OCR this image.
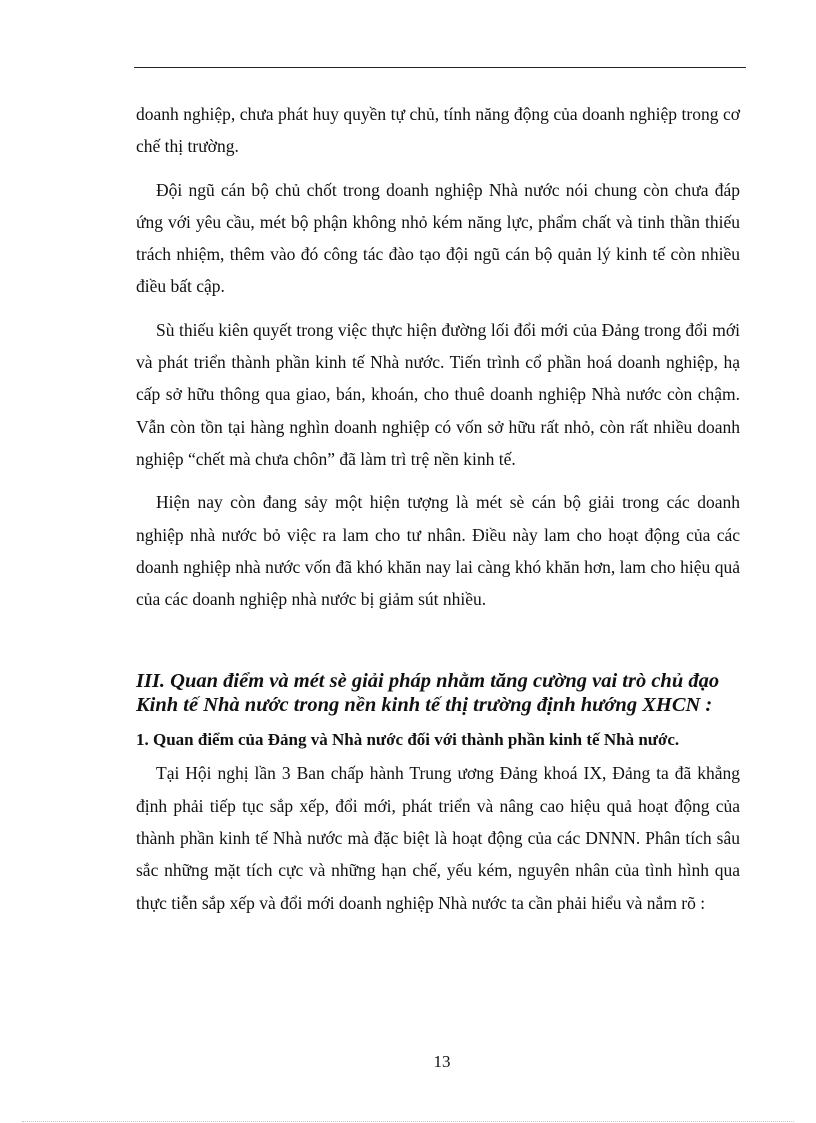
doanh nghiệp, chưa phát huy quyền tự chủ, tính năng động của doanh nghiệp trong cơ chế thị trường.

Đội ngũ cán bộ chủ chốt trong doanh nghiệp Nhà nước nói chung còn chưa đáp ứng với yêu cầu, mét bộ phận không nhỏ kém năng lực, phẩm chất và tinh thần thiếu trách nhiệm, thêm vào đó công tác đào tạo đội ngũ cán bộ quản lý kinh tế còn nhiều điều bất cập.

Sù thiếu kiên quyết trong việc thực hiện đường lối đổi mới của Đảng trong đổi mới và phát triển thành phần kinh tế Nhà nước. Tiến trình cổ phần hoá doanh nghiệp, hạ cấp sở hữu thông qua giao, bán, khoán, cho thuê doanh nghiệp Nhà nước còn chậm. Vẫn còn tồn tại hàng nghìn doanh nghiệp có vốn sở hữu rất nhỏ, còn rất nhiều doanh nghiệp “chết mà chưa chôn” đã làm trì trệ nền kinh tế.

Hiện nay còn đang sảy một hiện tượng là mét sè cán bộ giải trong các doanh nghiệp nhà nước bỏ việc ra lam cho tư nhân. Điều này lam cho hoạt động của các doanh nghiệp nhà nước vốn đã khó khăn nay lai càng khó khăn hơn, lam cho hiệu quả của các doanh nghiệp nhà nước bị giảm sút nhiều.

III. Quan điểm và mét sè giải pháp nhằm tăng cường vai trò chủ đạo Kinh tế Nhà nước trong nền kinh tế thị trường định hướng XHCN :
1. Quan điểm của Đảng và Nhà nước đối với thành phần kinh tế Nhà nước.

Tại Hội nghị lần 3 Ban chấp hành Trung ương Đảng khoá IX, Đảng ta đã khẳng định phải tiếp tục sắp xếp, đổi mới, phát triển và nâng cao hiệu quả hoạt động của thành phần kinh tế Nhà nước mà đặc biệt là hoạt động của các DNNN. Phân tích sâu sắc những mặt tích cực và những hạn chế, yếu kém, nguyên nhân của tình hình qua thực tiễn sắp xếp và đổi mới doanh nghiệp Nhà nước ta cần phải hiểu và nắm rõ :

13
